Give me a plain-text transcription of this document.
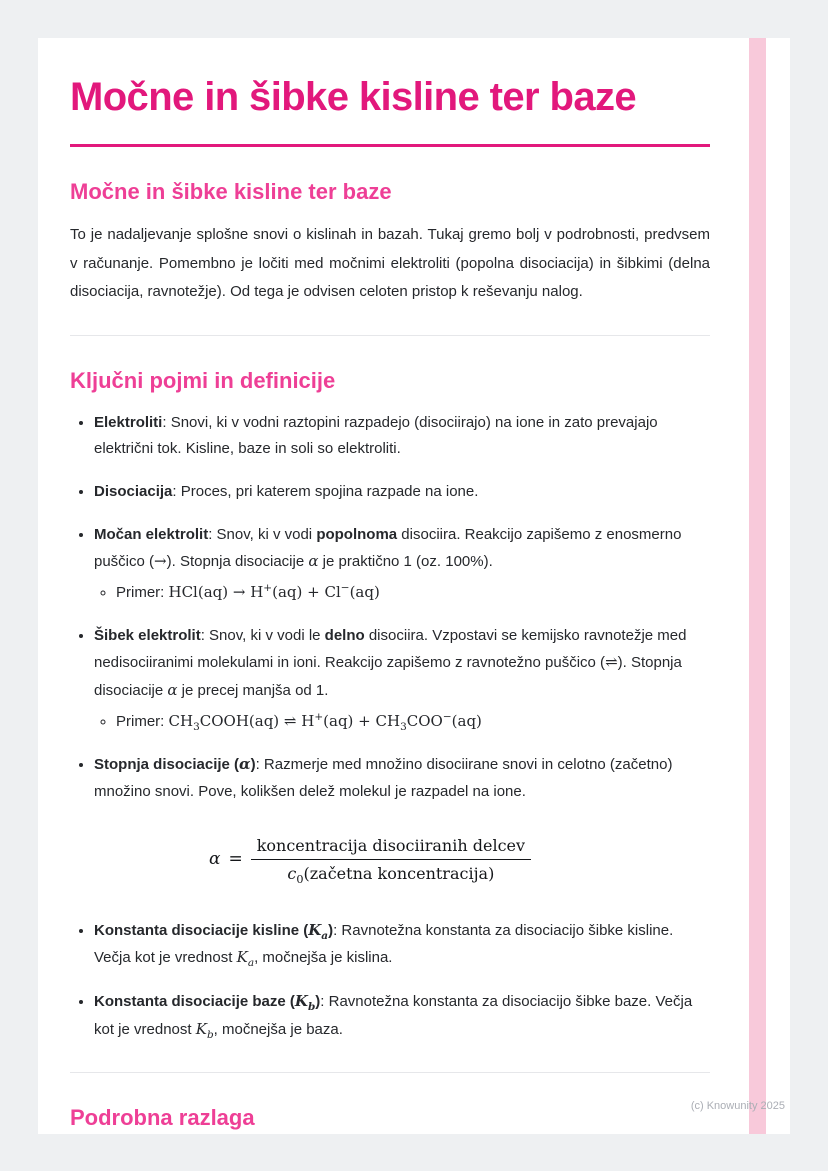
Močne in šibke kisline ter baze
Močne in šibke kisline ter baze

To je nadaljevanje splošne snovi o kislinah in bazah. Tukaj gremo bolj v podrobnosti, predvsem v računanje. Pomembno je ločiti med močnimi elektroliti (popolna disociacija) in šibkimi (delna disociacija, ravnotežje). Od tega je odvisen celoten pristop k reševanju nalog.

Ključni pojmi in definicije
• Elektroliti: Snovi, ki v vodni raztopini razpadejo (disociirajo) na ione in zato prevajajo električni tok. Kisline, baze in soli so elektroliti.
• Disociacija: Proces, pri katerem spojina razpade na ione.
• Močan elektrolit: Snov, ki v vodi popolnoma disociira. Reakcijo zapišemo z enosmerno puščico (→). Stopnja disociacije α je praktično 1 (oz. 100%).
◦ Primer: HCl(aq) → H+(aq) + Cl−(aq)
• Šibek elektrolit: Snov, ki v vodi le delno disociira. Vzpostavi se kemijsko ravnotežje med nedisociiranimi molekulami in ioni. Reakcijo zapišemo z ravnotežno puščico (⇌). Stopnja disociacije α je precej manjša od 1.
◦ Primer: $CH_3COOH(aq)$ ⇌ $H^+(aq) + CH_3COO^-(aq)$
• Stopnja disociacije (α): Razmerje med množino disociirane snovi in celotno (začetno) množino snovi. Pove, kolikšen delež molekul je razpadel na ione.
$\alpha = \frac{\text{koncentracija disociiranih delcev}}{c_0(začetna koncentracija)}$
• Konstanta disociacije kisline $(K_a)$: Ravnotežna konstanta za disociacijo šibke kisline. Večja kot je vrednost $K_a$, močnejša je kislina.
• Konstanta disociacije baze $(K_b)$: Ravnotežna konstanta za disociacijo šibke baze. Večja kot je vrednost $K_b$, močnejša je baza.
Podrobna razlaga	(c) Knowunity 2025
